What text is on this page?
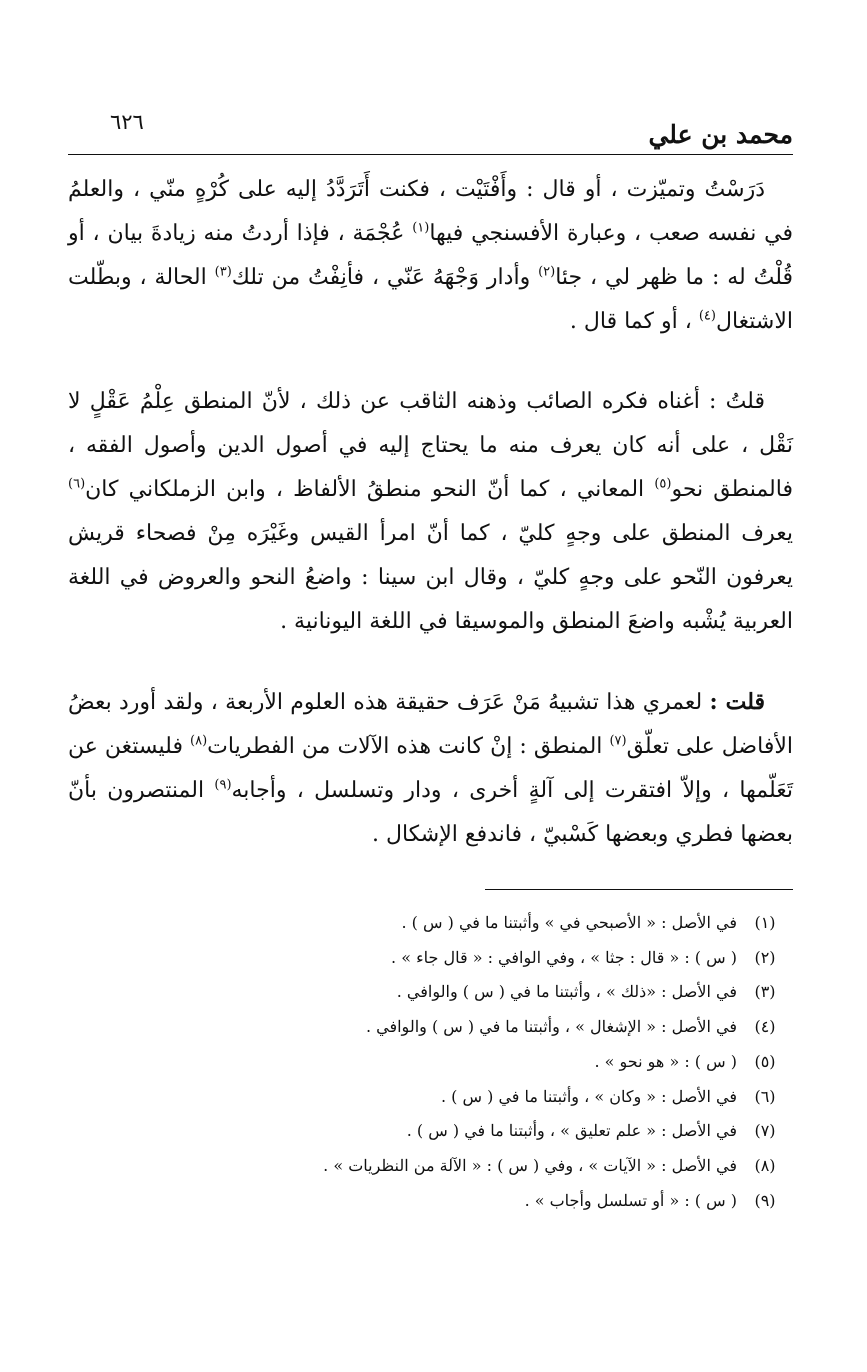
محمد بن علي
٦٢٦

دَرَسْتُ وتميّزت ، أو قال : وأَفْتَيْت ، فكنت أَتَرَدَّدُ إليه على كُرْهٍ منّي ، والعلمُ في نفسه صعب ، وعبارة الأفسنجي فيها$^{(١)}$ عُجْمَة ، فإذا أردتُ منه زيادةَ بيان ، أو قُلْتُ له : ما ظهر لي ، جئا$^{(٢)}$ وأدار وَجْهَهُ عَنّي ، فأنِفْتُ من تلك$^{(٣)}$ الحالة ، وبطّلت الاشتغال$^{(٤)}$ ، أو كما قال .

قلتُ : أغناه فكره الصائب وذهنه الثاقب عن ذلك ، لأنّ المنطق عِلْمُ عَقْلٍ لا نَقْل ، على أنه كان يعرف منه ما يحتاج إليه في أصول الدين وأصول الفقه ، فالمنطق نحو$^{(٥)}$ المعاني ، كما أنّ النحو منطقُ الألفاظ ، وابن الزملكاني كان$^{(٦)}$ يعرف المنطق على وجهٍ كليّ ، كما أنّ امرأ القيس وغَيْرَه مِنْ فصحاء قريش يعرفون النّحو على وجهٍ كليّ ، وقال ابن سينا : واضعُ النحو والعروض في اللغة العربية يُشْبه واضعَ المنطق والموسيقا في اللغة اليونانية .

قلت : لعمري هذا تشبيهُ مَنْ عَرَف حقيقة هذه العلوم الأربعة ، ولقد أورد بعضُ الأفاضل على تعلّق$^{(٧)}$ المنطق : إنْ كانت هذه الآلات من الفطريات$^{(٨)}$ فليستغن عن تَعَلّمها ، وإلاّ افتقرت إلى آلةٍ أخرى ، ودار وتسلسل ، وأجابه$^{(٩)}$ المنتصرون بأنّ بعضها فطري وبعضها كَسْبيّ ، فاندفع الإشكال .

(١)
في الأصل : « الأصبحي في » وأثبتنا ما في ( س ) .
(٢)
( س ) : « قال : جثا » ، وفي الوافي : « قال جاء » .
(٣)
في الأصل : «ذلك » ، وأثبتنا ما في ( س ) والوافي .
(٤)
في الأصل : « الإشغال » ، وأثبتنا ما في ( س ) والوافي .
(٥)
( س ) : « هو نحو » .
(٦)
في الأصل : « وكان » ، وأثبتنا ما في ( س ) .
(٧)
في الأصل : « علم تعليق » ، وأثبتنا ما في ( س ) .
(٨)
في الأصل : « الآيات » ، وفي ( س ) : « الآلة من النظريات » .
(٩)
( س ) : « أو تسلسل وأجاب » .
